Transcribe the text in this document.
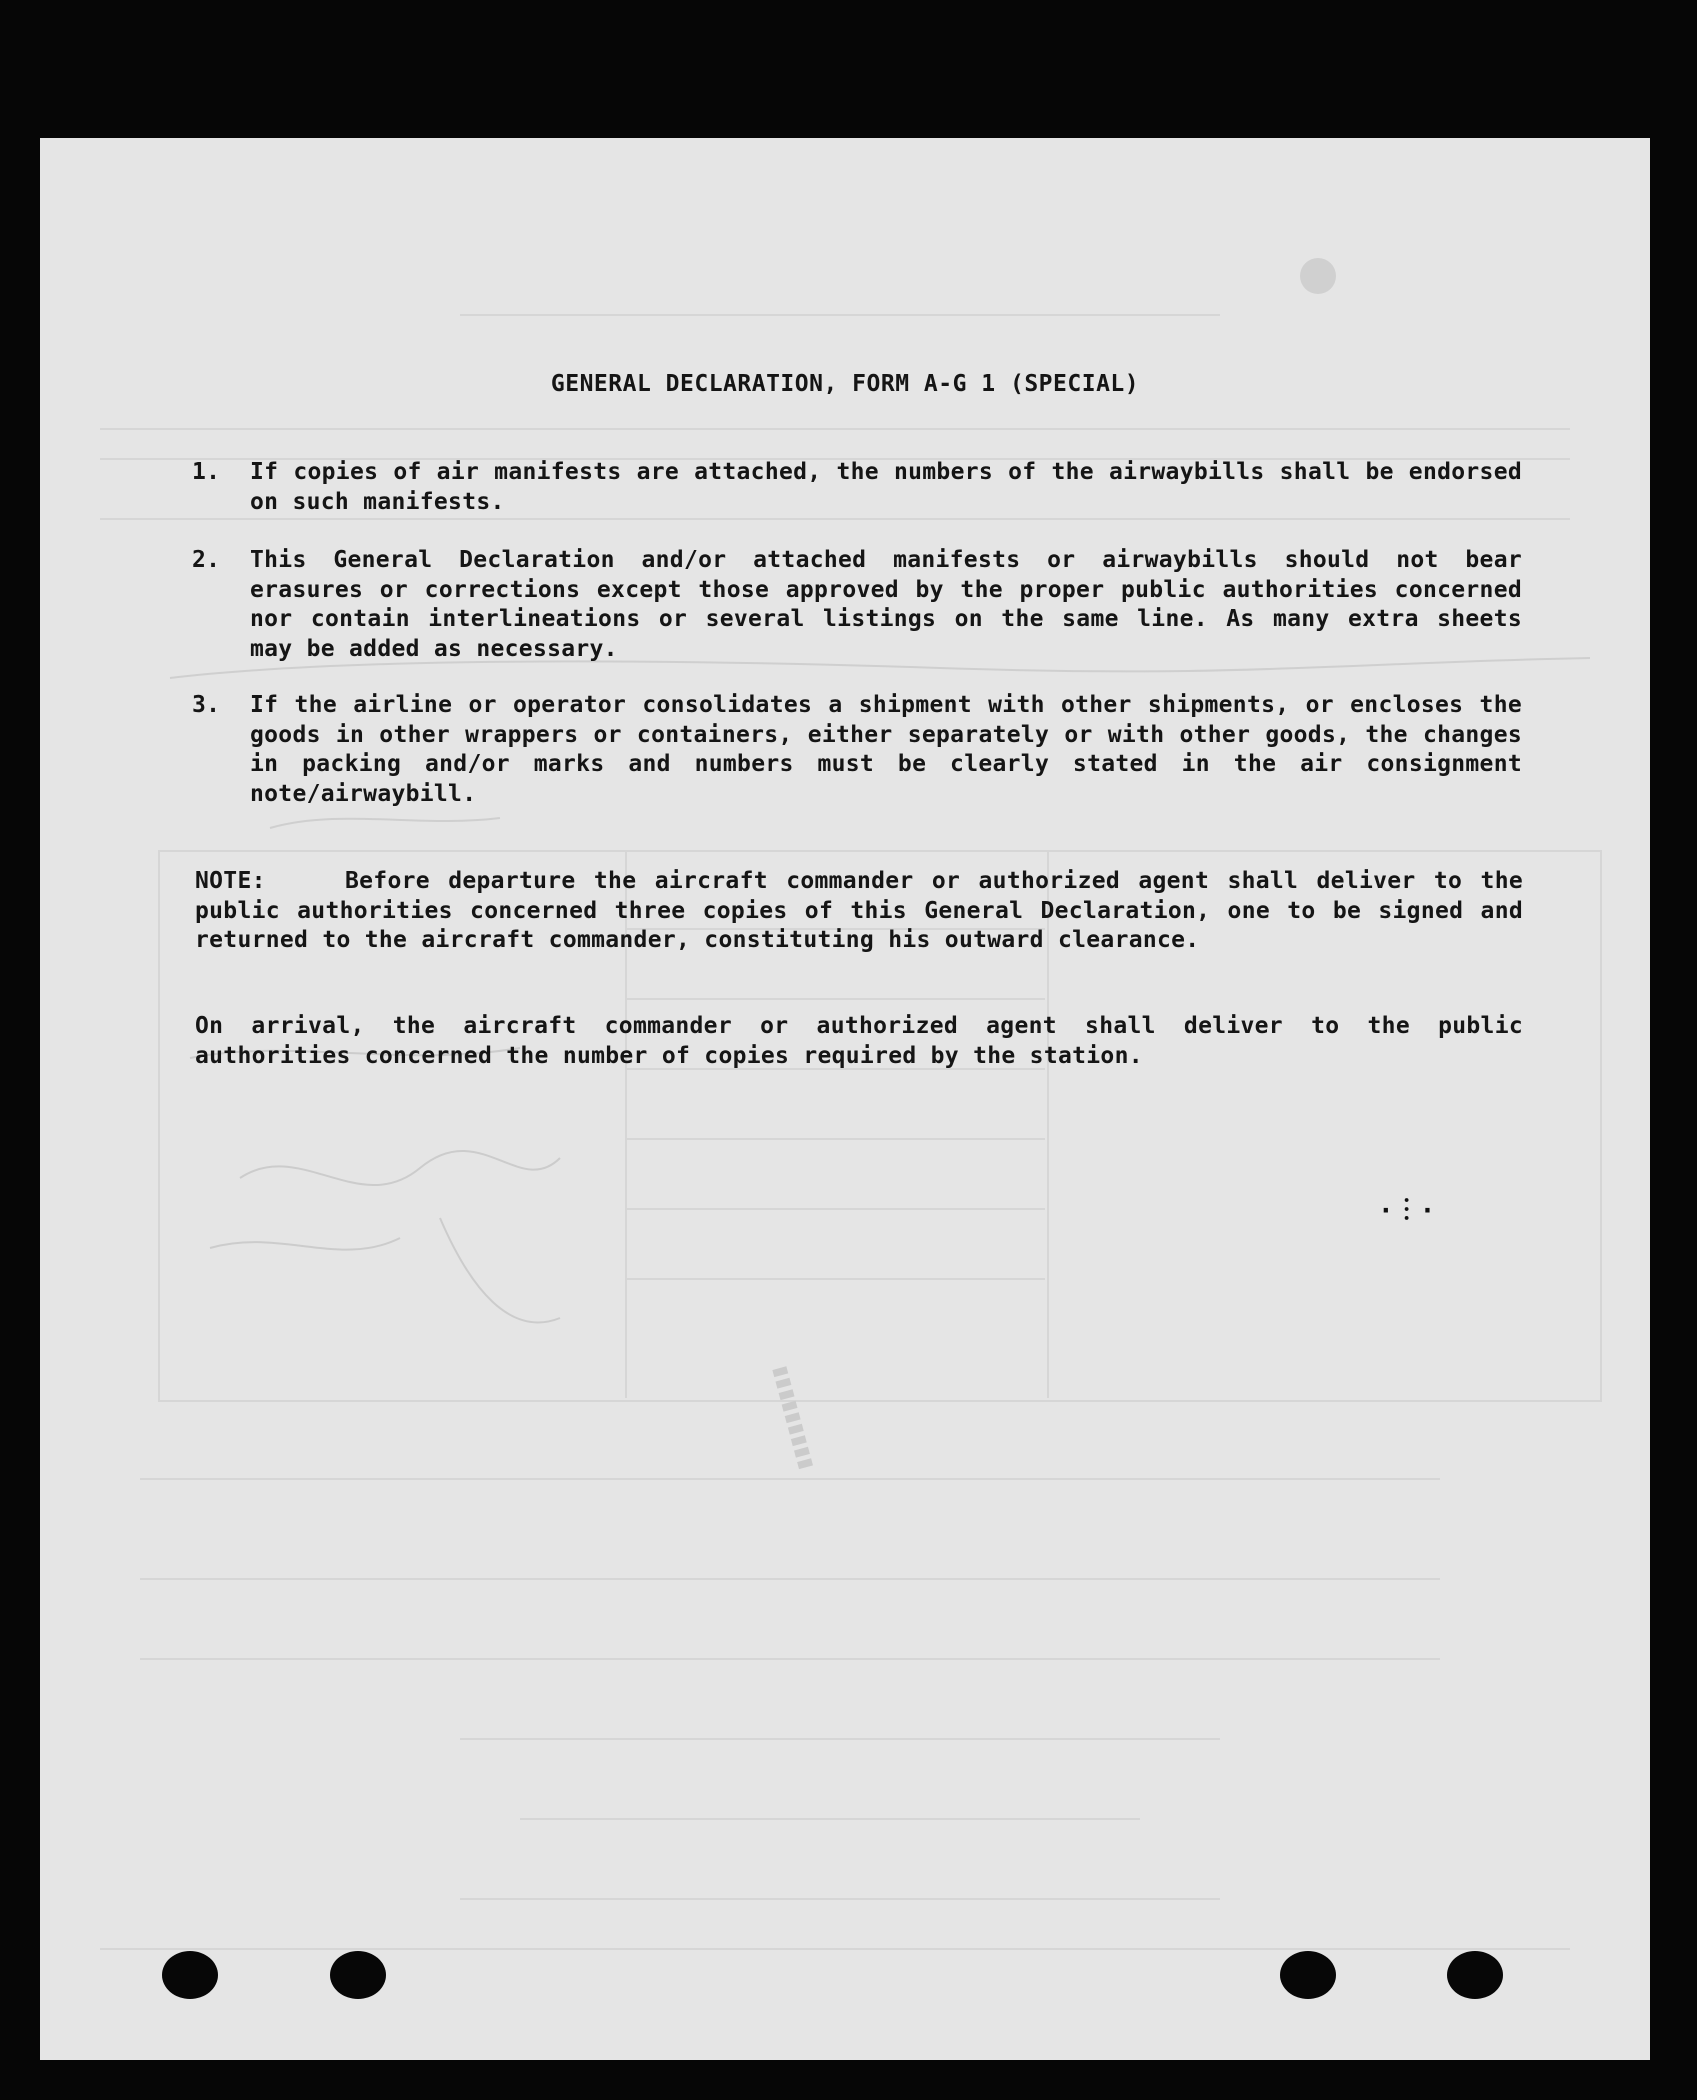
GENERAL DECLARATION, FORM A-G 1 (SPECIAL)
1.	If copies of air manifests are attached, the numbers of the airwaybills shall be endorsed on such manifests.
2.	This General Declaration and/or attached manifests or airwaybills should not bear erasures or corrections except those approved by the proper public authorities concerned nor contain interlineations or several listings on the same line. As many extra sheets may be added as necessary.
3.	If the airline or operator consolidates a shipment with other shipments, or encloses the goods in other wrappers or containers, either separately or with other goods, the changes in packing and/or marks and numbers must be clearly stated in the air consignment note/airwaybill.
NOTE:	Before departure the aircraft commander or authorized agent shall deliver to the public authorities concerned three copies of this General Declaration, one to be signed and returned to the aircraft commander, constituting his outward clearance.
On arrival, the aircraft commander or authorized agent shall deliver to the public authorities concerned the number of copies required by the station.
·︙·
▮▮▮▮▮▮▮▮▮
